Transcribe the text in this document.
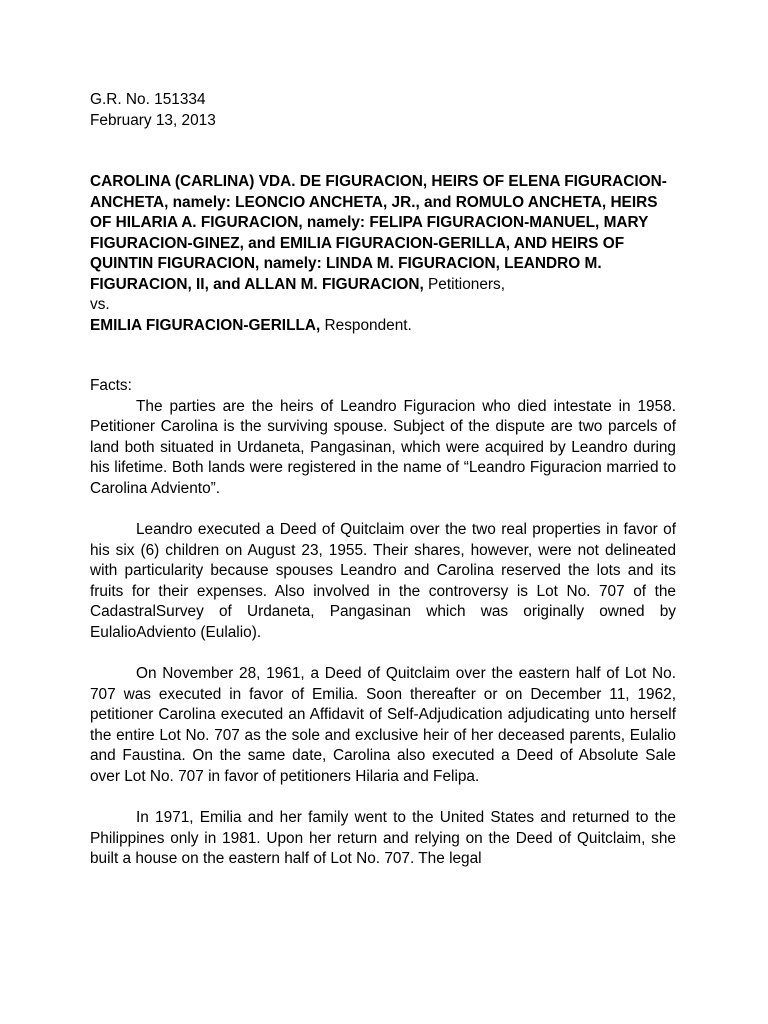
G.R. No. 151334
February 13, 2013
CAROLINA (CARLINA) VDA. DE FIGURACION, HEIRS OF ELENA FIGURACION-ANCHETA, namely: LEONCIO ANCHETA, JR., and ROMULO ANCHETA, HEIRS OF HILARIA A. FIGURACION, namely: FELIPA FIGURACION-MANUEL, MARY FIGURACION-GINEZ, and EMILIA FIGURACION-GERILLA, AND HEIRS OF QUINTIN FIGURACION, namely: LINDA M. FIGURACION, LEANDRO M. FIGURACION, II, and ALLAN M. FIGURACION, Petitioners,
vs.
EMILIA FIGURACION-GERILLA, Respondent.
Facts:

The parties are the heirs of Leandro Figuracion who died intestate in 1958. Petitioner Carolina is the surviving spouse. Subject of the dispute are two parcels of land both situated in Urdaneta, Pangasinan, which were acquired by Leandro during his lifetime. Both lands were registered in the name of “Leandro Figuracion married to Carolina Adviento”.

Leandro executed a Deed of Quitclaim over the two real properties in favor of his six (6) children on August 23, 1955. Their shares, however, were not delineated with particularity because spouses Leandro and Carolina reserved the lots and its fruits for their expenses. Also involved in the controversy is Lot No. 707 of the CadastralSurvey of Urdaneta, Pangasinan which was originally owned by EulalioAdviento (Eulalio).

On November 28, 1961, a Deed of Quitclaim over the eastern half of Lot No. 707 was executed in favor of Emilia. Soon thereafter or on December 11, 1962, petitioner Carolina executed an Affidavit of Self-Adjudication adjudicating unto herself the entire Lot No. 707 as the sole and exclusive heir of her deceased parents, Eulalio and Faustina. On the same date, Carolina also executed a Deed of Absolute Sale over Lot No. 707 in favor of petitioners Hilaria and Felipa.

In 1971, Emilia and her family went to the United States and returned to the Philippines only in 1981. Upon her return and relying on the Deed of Quitclaim, she built a house on the eastern half of Lot No. 707. The legal
